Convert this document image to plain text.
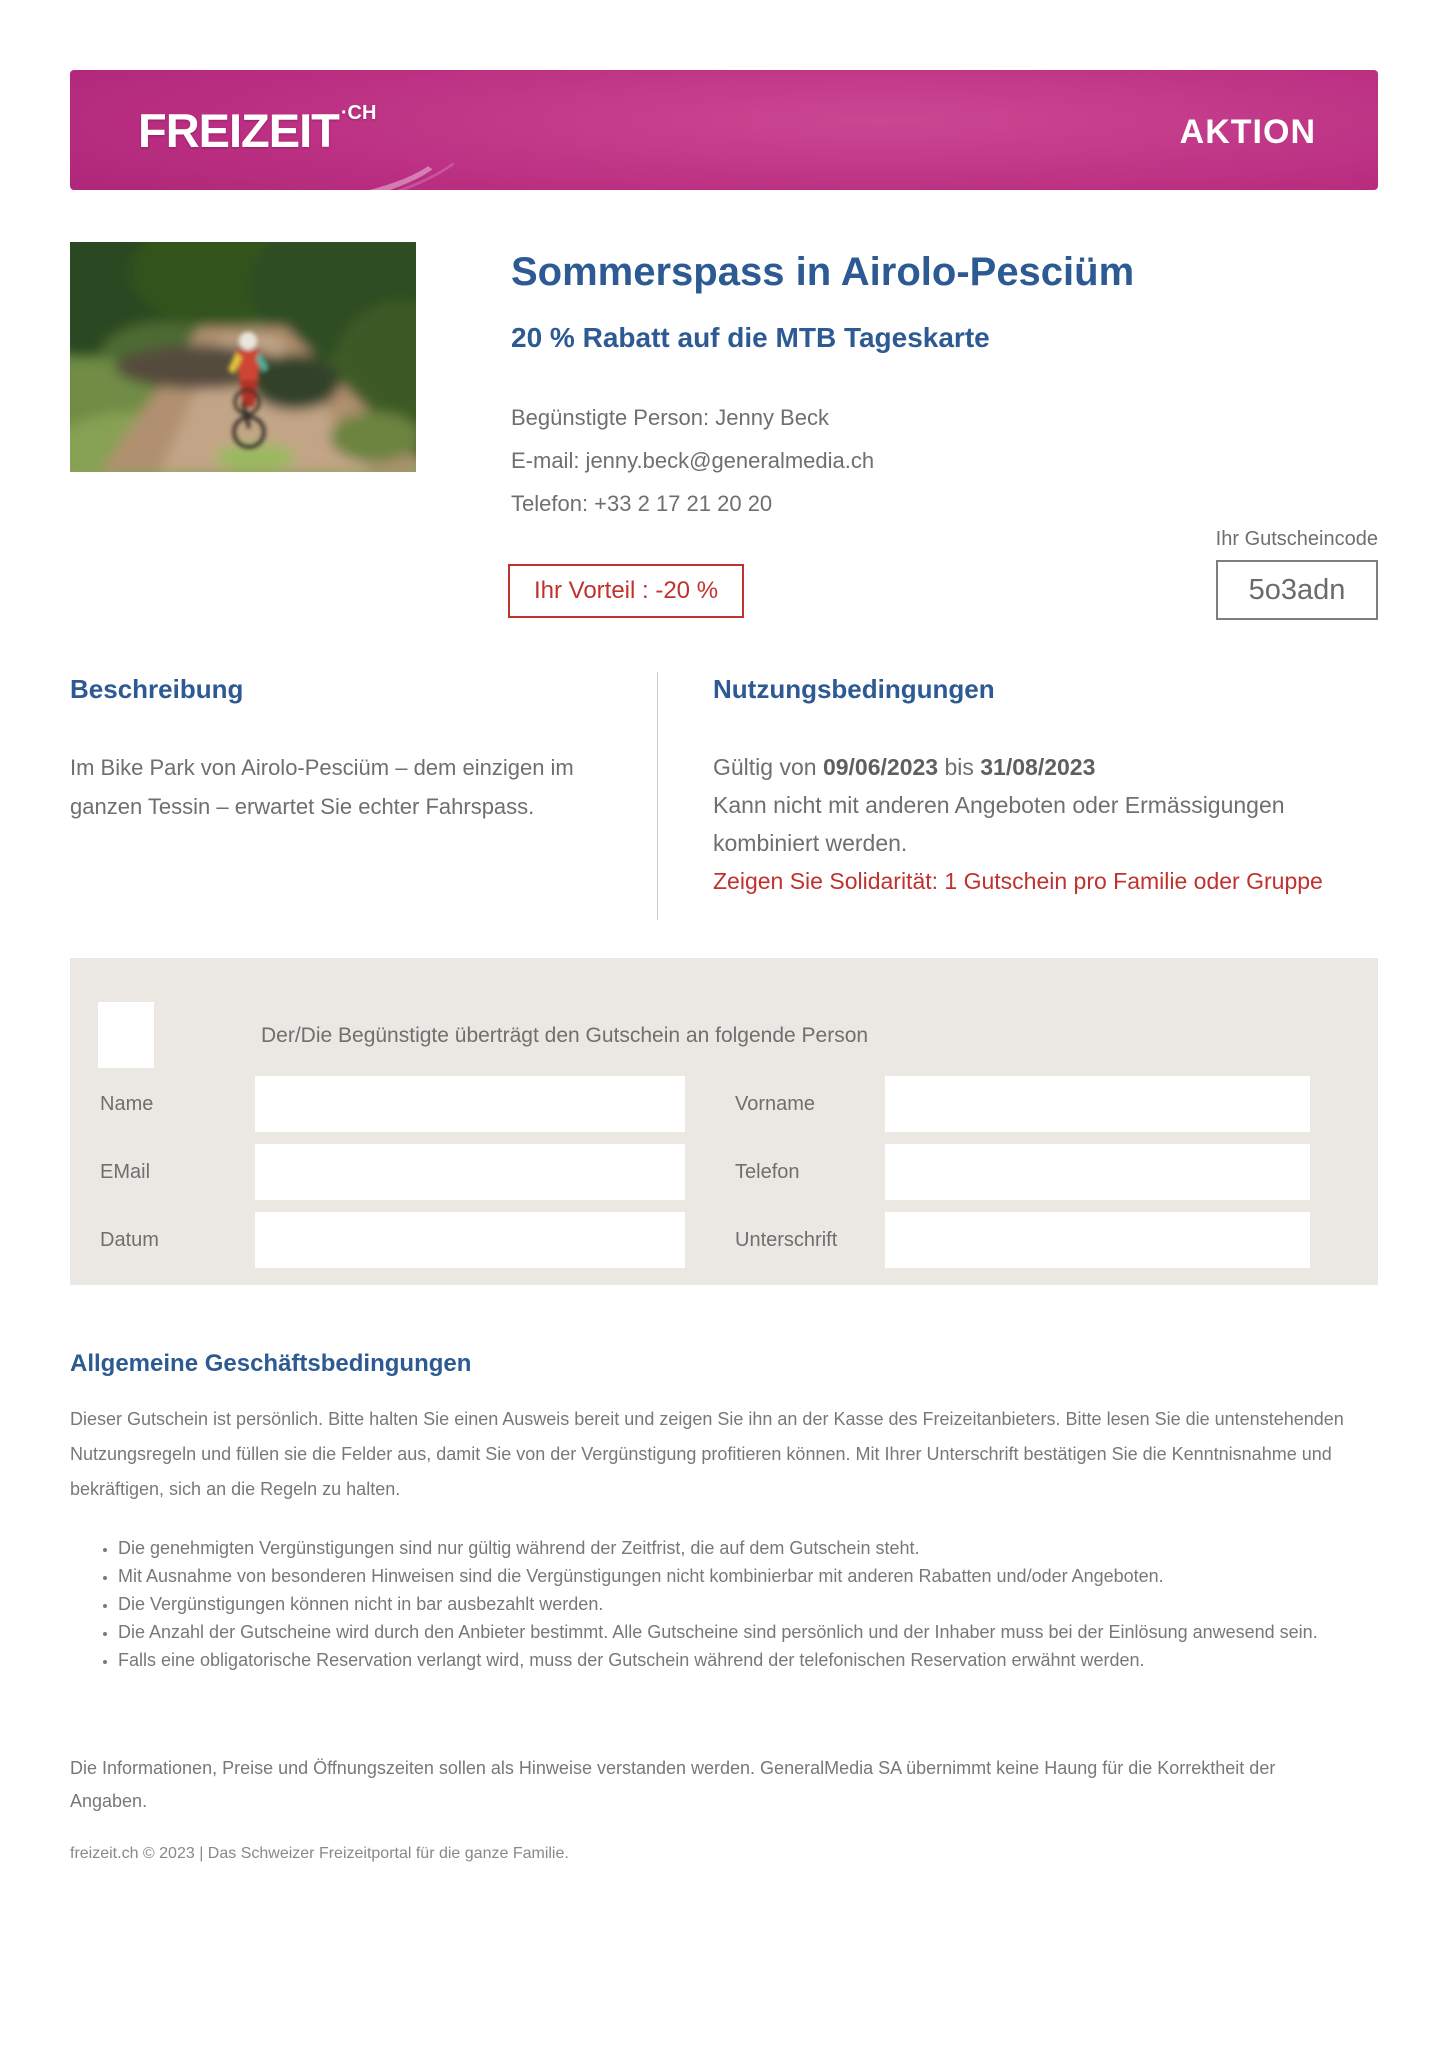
FREIZEIT $^{\cdot CH}$	AKTION
Sommerspass in Airolo-Pesciüm
20 % Rabatt auf die MTB Tageskarte

Begünstigte Person: Jenny Beck

E-mail: jenny.beck@generalmedia.ch

Telefon: +33 2 17 21 20 20

Ihr Gutscheincode
5o3adn
Ihr Vorteil : -20 %
Beschreibung

Im Bike Park von Airolo-Pesciüm – dem einzigen im ganzen Tessin – erwartet Sie echter Fahrspass.

Nutzungsbedingungen
Gültig von 09/06/2023 bis 31/08/2023
Kann nicht mit anderen Angeboten oder Ermässigungen kombiniert werden.

Zeigen Sie Solidarität: 1 Gutschein pro Familie oder Gruppe

Der/Die Begünstigte überträgt den Gutschein an folgende Person
Name	Vorname
EMail	Telefon
Datum	Unterschrift
Allgemeine Geschäftsbedingungen

Dieser Gutschein ist persönlich. Bitte halten Sie einen Ausweis bereit und zeigen Sie ihn an der Kasse des Freizeitanbieters. Bitte lesen Sie die untenstehenden Nutzungsregeln und füllen sie die Felder aus, damit Sie von der Vergünstigung profitieren können. Mit Ihrer Unterschrift bestätigen Sie die Kenntnisnahme und bekräftigen, sich an die Regeln zu halten.

• Die genehmigten Vergünstigungen sind nur gültig während der Zeitfrist, die auf dem Gutschein steht.
• Mit Ausnahme von besonderen Hinweisen sind die Vergünstigungen nicht kombinierbar mit anderen Rabatten und/oder Angeboten.
• Die Vergünstigungen können nicht in bar ausbezahlt werden.
• Die Anzahl der Gutscheine wird durch den Anbieter bestimmt. Alle Gutscheine sind persönlich und der Inhaber muss bei der Einlösung anwesend sein.
• Falls eine obligatorische Reservation verlangt wird, muss der Gutschein während der telefonischen Reservation erwähnt werden.

Die Informationen, Preise und Öffnungszeiten sollen als Hinweise verstanden werden. GeneralMedia SA übernimmt keine Haung für die Korrektheit der Angaben.

freizeit.ch © 2023 | Das Schweizer Freizeitportal für die ganze Familie.
